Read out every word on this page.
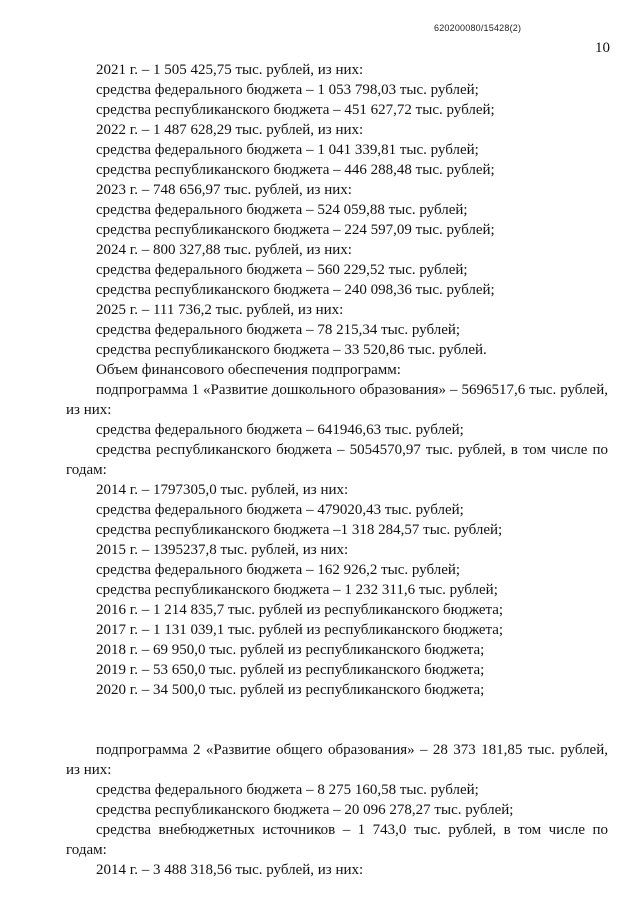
620200080/15428(2)
10

2021 г. – 1 505 425,75 тыс. рублей, из них:

средства федерального бюджета – 1 053 798,03 тыс. рублей;

средства республиканского бюджета – 451 627,72 тыс. рублей;

2022 г. – 1 487 628,29 тыс. рублей, из них:

средства федерального бюджета – 1 041 339,81 тыс. рублей;

средства республиканского бюджета – 446 288,48 тыс. рублей;

2023 г. – 748 656,97 тыс. рублей, из них:

средства федерального бюджета – 524 059,88 тыс. рублей;

средства республиканского бюджета – 224 597,09 тыс. рублей;

2024 г. – 800 327,88 тыс. рублей, из них:

средства федерального бюджета – 560 229,52 тыс. рублей;

средства республиканского бюджета – 240 098,36 тыс. рублей;

2025 г. – 111 736,2 тыс. рублей, из них:

средства федерального бюджета – 78 215,34 тыс. рублей;

средства республиканского бюджета – 33 520,86 тыс. рублей.

Объем финансового обеспечения подпрограмм:

подпрограмма 1 «Развитие дошкольного образования» – 5696517,6 тыс. рублей, из них:

средства федерального бюджета – 641946,63 тыс. рублей;

средства республиканского бюджета – 5054570,97 тыс. рублей, в том числе по годам:

2014 г. – 1797305,0 тыс. рублей, из них:

средства федерального бюджета – 479020,43 тыс. рублей;

средства республиканского бюджета –1 318 284,57 тыс. рублей;

2015 г. – 1395237,8 тыс. рублей, из них:

средства федерального бюджета – 162 926,2 тыс. рублей;

средства республиканского бюджета – 1 232 311,6 тыс. рублей;

2016 г. – 1 214 835,7 тыс. рублей из республиканского бюджета;

2017 г. – 1 131 039,1 тыс. рублей из республиканского бюджета;

2018 г. – 69 950,0 тыс. рублей из республиканского бюджета;

2019 г. – 53 650,0 тыс. рублей из республиканского бюджета;

2020 г. – 34 500,0 тыс. рублей из республиканского бюджета;

подпрограмма 2 «Развитие общего образования» – 28 373 181,85 тыс. рублей, из них:

средства федерального бюджета – 8 275 160,58 тыс. рублей;

средства республиканского бюджета – 20 096 278,27 тыс. рублей;

средства внебюджетных источников – 1 743,0 тыс. рублей, в том числе по годам:

2014 г. – 3 488 318,56 тыс. рублей, из них:
